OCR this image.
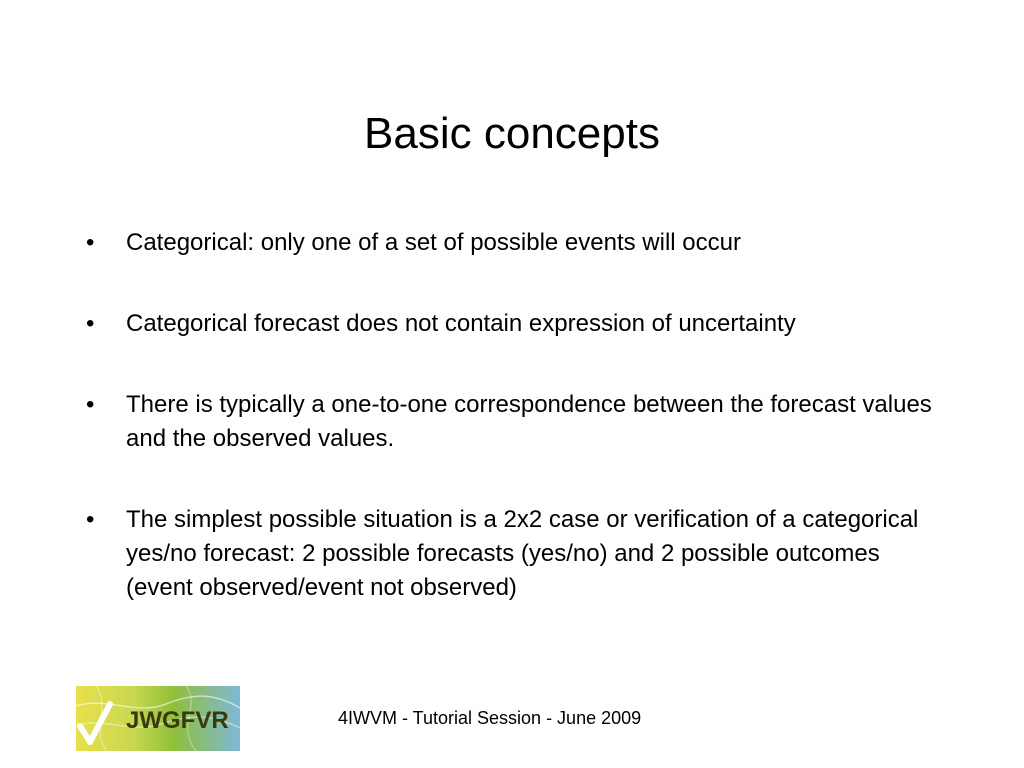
Basic concepts
• Categorical: only one of a set of possible events will occur
• Categorical forecast does not contain expression of uncertainty
• There is typically a one-to-one correspondence between the forecast values and the observed values.
• The simplest possible situation is a 2x2 case or verification of a categorical yes/no forecast: 2 possible forecasts (yes/no) and 2 possible outcomes (event observed/event not observed)
JWGFVR	4IWVM - Tutorial Session - June 2009
